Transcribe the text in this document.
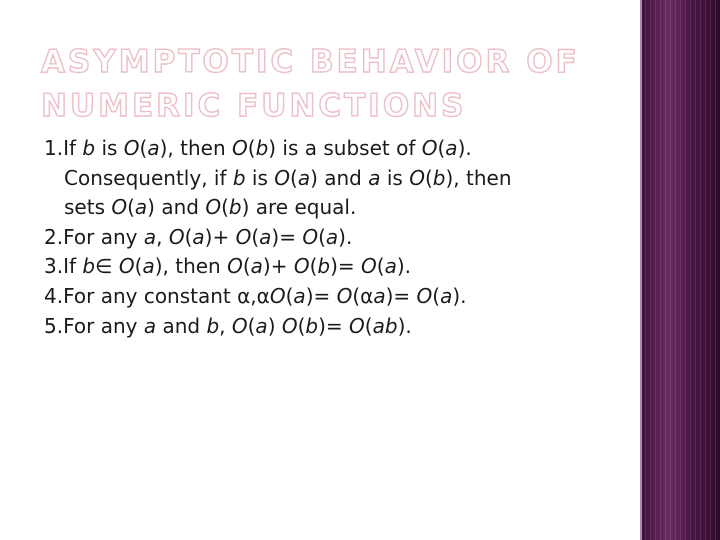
ASYMPTOTIC BEHAVIOR OF
NUMERIC FUNCTIONS
1.If b is O(a), then O(b) is a subset of O(a).
Consequently, if b is O(a) and a is O(b), then
sets O(a) and O(b) are equal.
2.For any a, O(a)+ O(a)= O(a).
3.If b∈ O(a), then O(a)+ O(b)= O(a).
4.For any constant α,αO(a)= O(αa)= O(a).
5.For any a and b, O(a) O(b)= O(ab).
